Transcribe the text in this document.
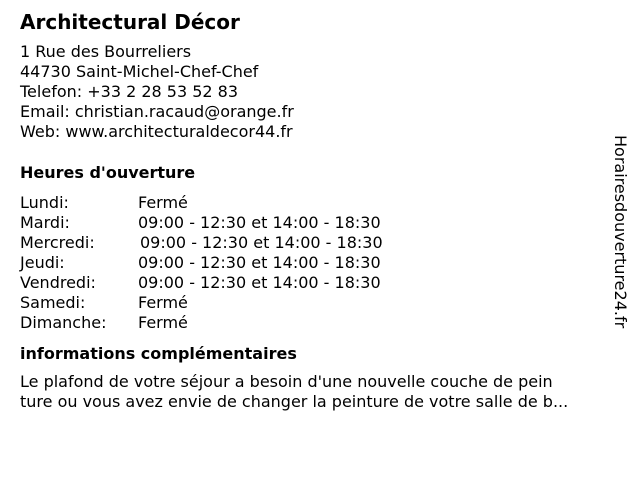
Architectural Décor
1 Rue des Bourreliers
44730 Saint-Michel-Chef-Chef
Telefon: +33 2 28 53 52 83
Email: christian.racaud@orange.fr
Web: www.architecturaldecor44.fr
Heures d'ouverture
Lundi:	Fermé
Mardi:	09:00 - 12:30 et 14:00 - 18:30
Mercredi:	09:00 - 12:30 et 14:00 - 18:30
Jeudi:	09:00 - 12:30 et 14:00 - 18:30
Vendredi:	09:00 - 12:30 et 14:00 - 18:30
Samedi:	Fermé
Dimanche: Fermé
informations complémentaires
Le plafond de votre séjour a besoin d'une nouvelle couche de pein
ture ou vous avez envie de changer la peinture de votre salle de b...
Horairesdouverture24.fr
